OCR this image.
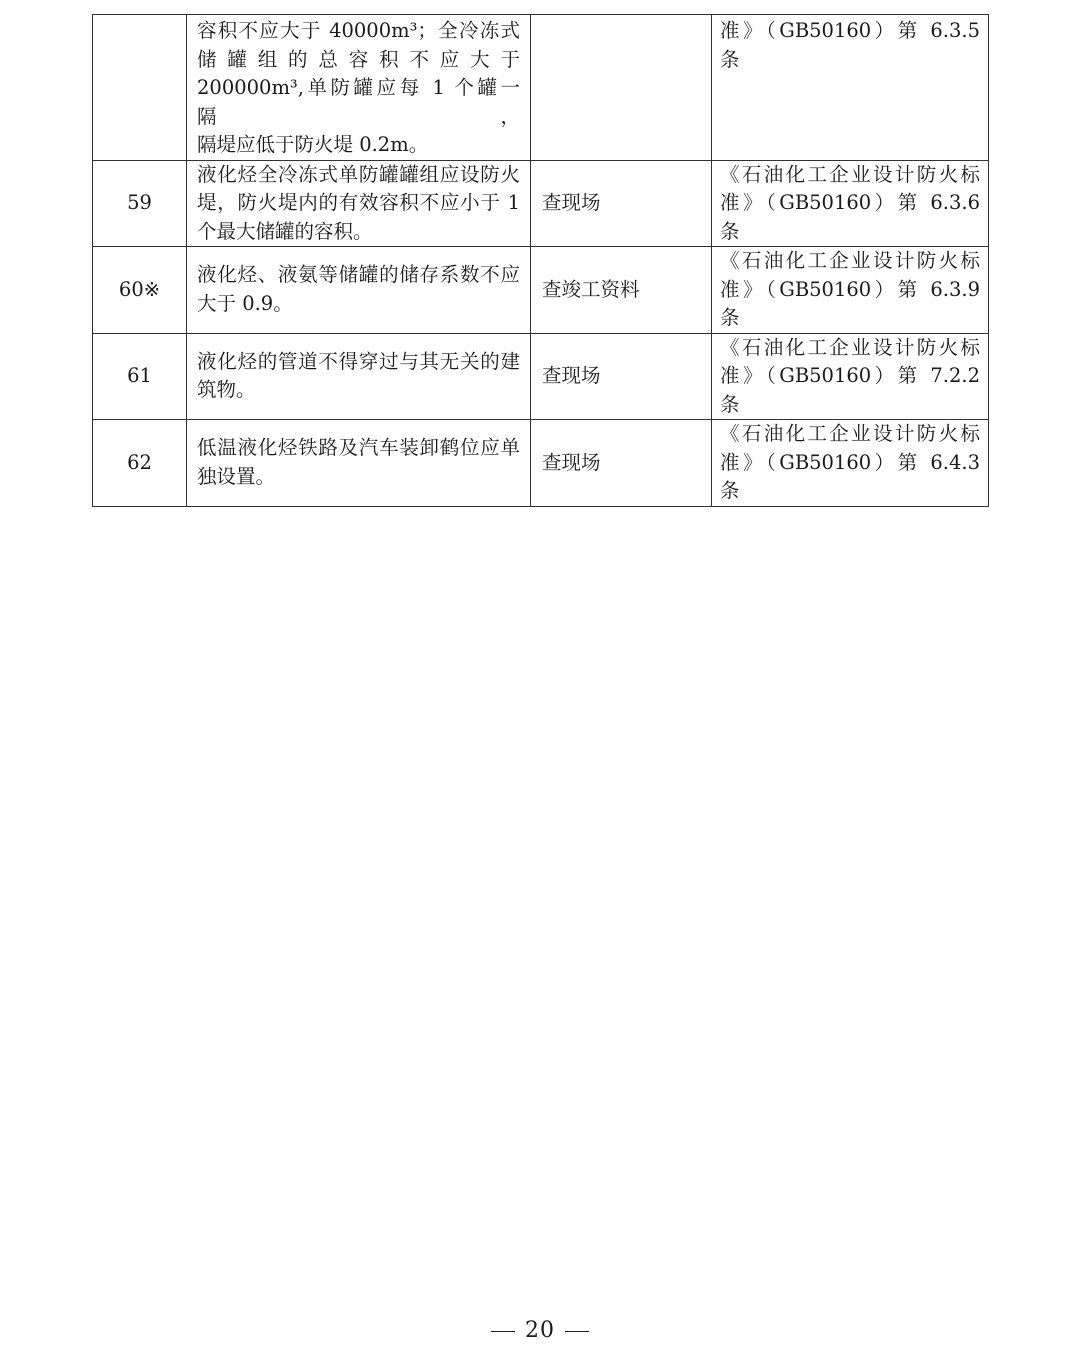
	容积不应大于 40000m³；全冷冻式
储 罐 组 的 总 容 积 不 应 大 于
200000m³,单防罐应每 1 个罐一隔，
隔堤应低于防火堤 0.2m。		准》（GB50160）第 6.3.5
条

59	液化烃全冷冻式单防罐罐组应设防火堤，防火堤内的有效容积不应小于 1 个最大储罐的容积。	查现场	《石油化工企业设计防火标准》（GB50160）第 6.3.6 条
60※	液化烃、液氨等储罐的储存系数不应大于 0.9。	查竣工资料	《石油化工企业设计防火标准》（GB50160）第 6.3.9 条
61	液化烃的管道不得穿过与其无关的建筑物。	查现场	《石油化工企业设计防火标准》（GB50160）第 7.2.2 条
62	低温液化烃铁路及汽车装卸鹤位应单独设置。	查现场	《石油化工企业设计防火标准》（GB50160）第 6.4.3 条
20
